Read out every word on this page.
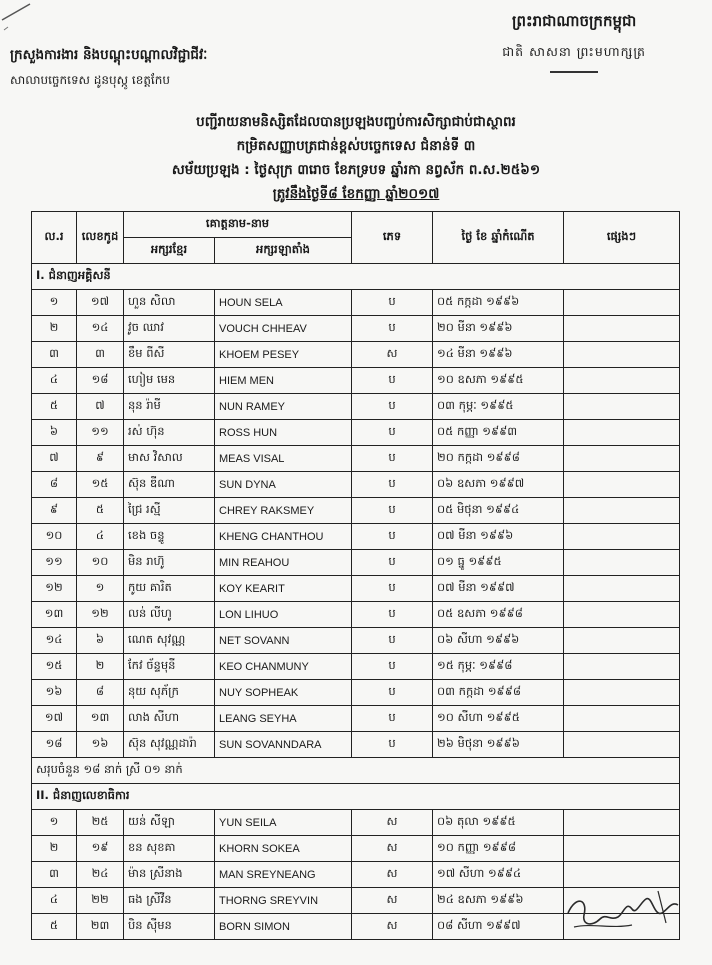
ព្រះរាជាណាចក្រកម្ពុជា
ជាតិ សាសនា ព្រះមហាក្សត្រ
ក្រសួងការងារ និងបណ្តុះបណ្តាលវិជ្ជាជីវៈ
សាលាបច្ចេកទេស ដូនបុស្កូ ខេត្តកែប
បញ្ជីរាយនាមនិស្សិតដែលបានប្រឡងបញ្ចប់ការសិក្សាជាប់ជាស្ថាពរ
កម្រិតសញ្ញាបត្រជាន់ខ្ពស់បច្ចេកទេស ជំនាន់ទី ៣
សម័យប្រឡង : ថ្ងៃសុក្រ ៣រោច ខែភទ្របទ ឆ្នាំរកា នព្វស័ក ព.ស.២៥៦១
ត្រូវនឹងថ្ងៃទី៨ ខែកញ្ញា ឆ្នាំ២០១៧
ល.រ	លេខកូដ	គោត្តនាម-នាម		ភេទ	ថ្ងៃ ខែ ឆ្នាំកំណើត	ផ្សេងៗ
		អក្សរខ្មែរ	អក្សរឡាតាំង			
I. ជំនាញអគ្គិសនី						
១	១៧	ហួន សិលា	HOUN SELA	ប	០៥ កក្កដា ១៩៩៦	
២	១៤	វូច ឈាវ	VOUCH CHHEAV	ប	២០ មីនា ១៩៩៦	
៣	៣	ខឹម ពីសី	KHOEM PESEY	ស	១៤ មីនា ១៩៩៦	
៤	១៨	ហៀម មេន	HIEM MEN	ប	១០ ឧសភា ១៩៩៥	
៥	៧	នុន រ៉ាមី	NUN RAMEY	ប	០៣ កុម្ភៈ ១៩៩៥	
៦	១១	រស់ ហ៊ុន	ROSS HUN	ប	០៥ កញ្ញា ១៩៩៣	
៧	៩	មាស វិសាល	MEAS VISAL	ប	២០ កក្កដា ១៩៩៨	
៨	១៥	ស៊ុន ឌីណា	SUN DYNA	ប	០៦ ឧសភា ១៩៩៧	
៩	៥	ជ្រៃ រស្មី	CHREY RAKSMEY	ប	០៥ មិថុនា ១៩៩៤	
១០	៤	ខេង ចន្ទូ	KHENG CHANTHOU	ប	០៧ មីនា ១៩៩៦	
១១	១០	មិន រាហ៊ូ	MIN REAHOU	ប	០១ ធ្នូ ១៩៩៥	
១២	១	កូយ គារិត	KOY KEARIT	ប	០៧ មីនា ១៩៩៧	
១៣	១២	លន់ លីហូ	LON LIHUO	ប	០៥ ឧសភា ១៩៩៨	
១៤	៦	ណេត សុវណ្ណ	NET SOVANN	ប	០៦ សីហា ១៩៩៦	
១៥	២	កែវ ច័ន្ទមុនី	KEO CHANMUNY	ប	១៥ កុម្ភៈ ១៩៩៨	
១៦	៨	នុយ សុភ័ក្រ	NUY SOPHEAK	ប	០៣ កក្កដា ១៩៩៨	
១៧	១៣	លាង សីហា	LEANG SEYHA	ប	១០ សីហា ១៩៩៥	
១៨	១៦	ស៊ុន សុវណ្ណដារ៉ា	SUN SOVANNDARA	ប	២៦ មិថុនា ១៩៩៦	
សរុបចំនួន ១៨ នាក់ ស្រី ០១ នាក់						
II. ជំនាញលេខាធិការ						
១	២៥	យន់ សីឡា	YUN SEILA	ស	០៦ តុលា ១៩៩៥	
២	១៩	ខន សុខគា	KHORN SOKEA	ស	១០ កញ្ញា ១៩៩៨	
៣	២៤	ម៉ាន ស្រីនាង	MAN SREYNEANG	ស	១៧ សីហា ១៩៩៤	
៤	២២	ធង ស្រីវីន	THORNG SREYVIN	ស	២៤ ឧសភា ១៩៩៦	
៥	២៣	បិន ស៊ីមន	BORN SIMON	ស	០៨ សីហា ១៩៩៧	
